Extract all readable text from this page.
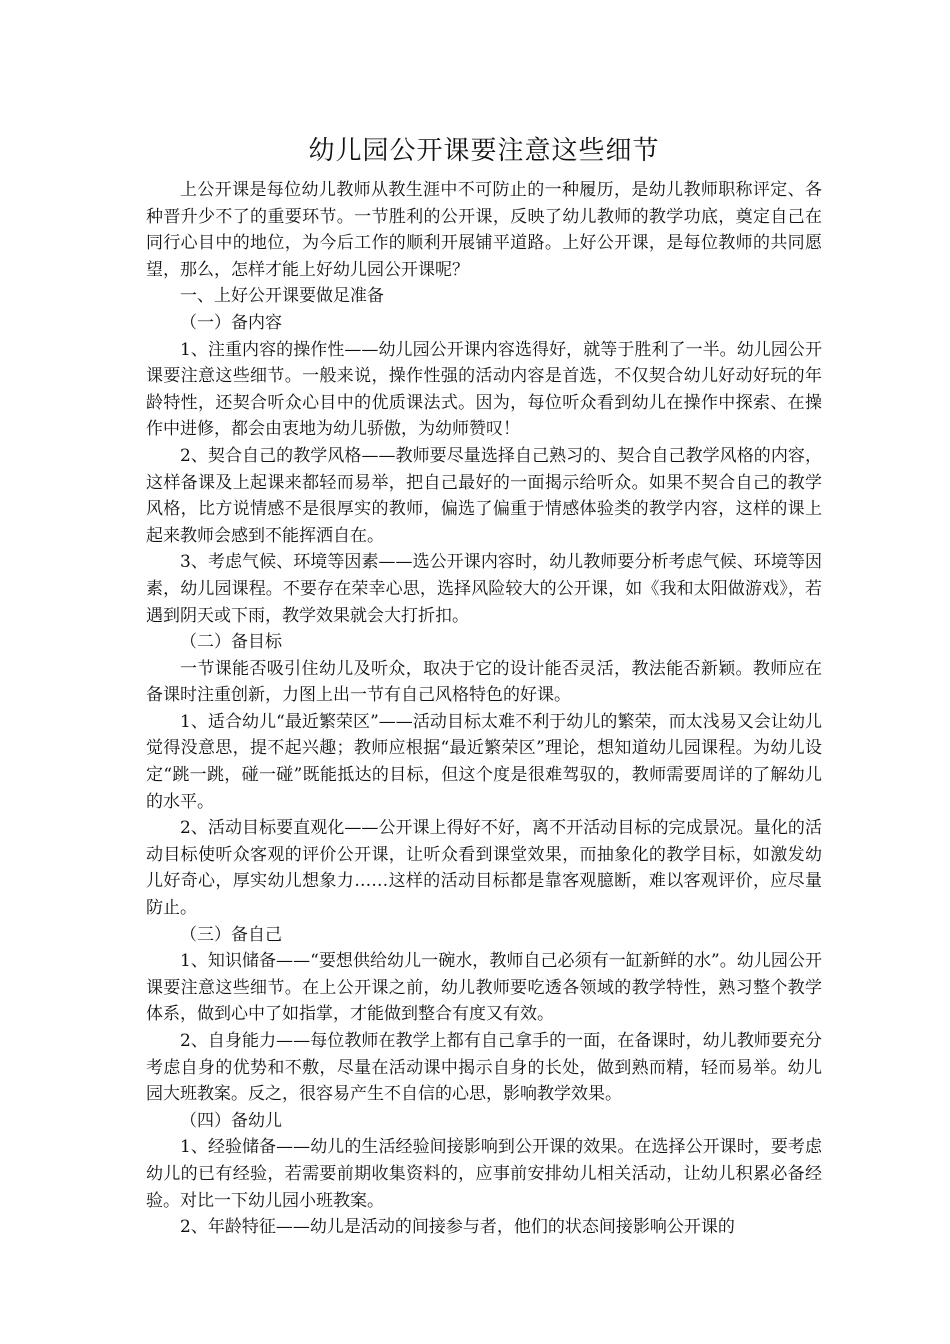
幼儿园公开课要注意这些细节

上公开课是每位幼儿教师从教生涯中不可防止的一种履历，是幼儿教师职称评定、各种晋升少不了的重要环节。一节胜利的公开课，反映了幼儿教师的教学功底，奠定自己在同行心目中的地位，为今后工作的顺利开展铺平道路。上好公开课，是每位教师的共同愿望，那么，怎样才能上好幼儿园公开课呢？

一、上好公开课要做足准备

（一）备内容

1、注重内容的操作性——幼儿园公开课内容选得好，就等于胜利了一半。幼儿园公开课要注意这些细节。一般来说，操作性强的活动内容是首选，不仅契合幼儿好动好玩的年龄特性，还契合听众心目中的优质课法式。因为，每位听众看到幼儿在操作中探索、在操作中进修，都会由衷地为幼儿骄傲，为幼师赞叹！

2、契合自己的教学风格——教师要尽量选择自己熟习的、契合自己教学风格的内容，这样备课及上起课来都轻而易举，把自己最好的一面揭示给听众。如果不契合自己的教学风格，比方说情感不是很厚实的教师，偏选了偏重于情感体验类的教学内容，这样的课上起来教师会感到不能挥洒自在。

3、考虑气候、环境等因素——选公开课内容时，幼儿教师要分析考虑气候、环境等因素，幼儿园课程。不要存在荣幸心思，选择风险较大的公开课，如《我和太阳做游戏》，若遇到阴天或下雨，教学效果就会大打折扣。

（二）备目标

一节课能否吸引住幼儿及听众，取决于它的设计能否灵活，教法能否新颖。教师应在备课时注重创新，力图上出一节有自己风格特色的好课。

1、适合幼儿“最近繁荣区”——活动目标太难不利于幼儿的繁荣，而太浅易又会让幼儿觉得没意思，提不起兴趣；教师应根据“最近繁荣区”理论，想知道幼儿园课程。为幼儿设定“跳一跳，碰一碰”既能抵达的目标，但这个度是很难驾驭的，教师需要周详的了解幼儿的水平。

2、活动目标要直观化——公开课上得好不好，离不开活动目标的完成景况。量化的活动目标使听众客观的评价公开课，让听众看到课堂效果，而抽象化的教学目标，如激发幼儿好奇心，厚实幼儿想象力……这样的活动目标都是靠客观臆断，难以客观评价，应尽量防止。

（三）备自己

1、知识储备——“要想供给幼儿一碗水，教师自己必须有一缸新鲜的水”。幼儿园公开课要注意这些细节。在上公开课之前，幼儿教师要吃透各领域的教学特性，熟习整个教学体系，做到心中了如指掌，才能做到整合有度又有效。

2、自身能力——每位教师在教学上都有自己拿手的一面，在备课时，幼儿教师要充分考虑自身的优势和不敷，尽量在活动课中揭示自身的长处，做到熟而精，轻而易举。幼儿园大班教案。反之，很容易产生不自信的心思，影响教学效果。

（四）备幼儿

1、经验储备——幼儿的生活经验间接影响到公开课的效果。在选择公开课时，要考虑幼儿的已有经验，若需要前期收集资料的，应事前安排幼儿相关活动，让幼儿积累必备经验。对比一下幼儿园小班教案。

2、年龄特征——幼儿是活动的间接参与者，他们的状态间接影响公开课的
